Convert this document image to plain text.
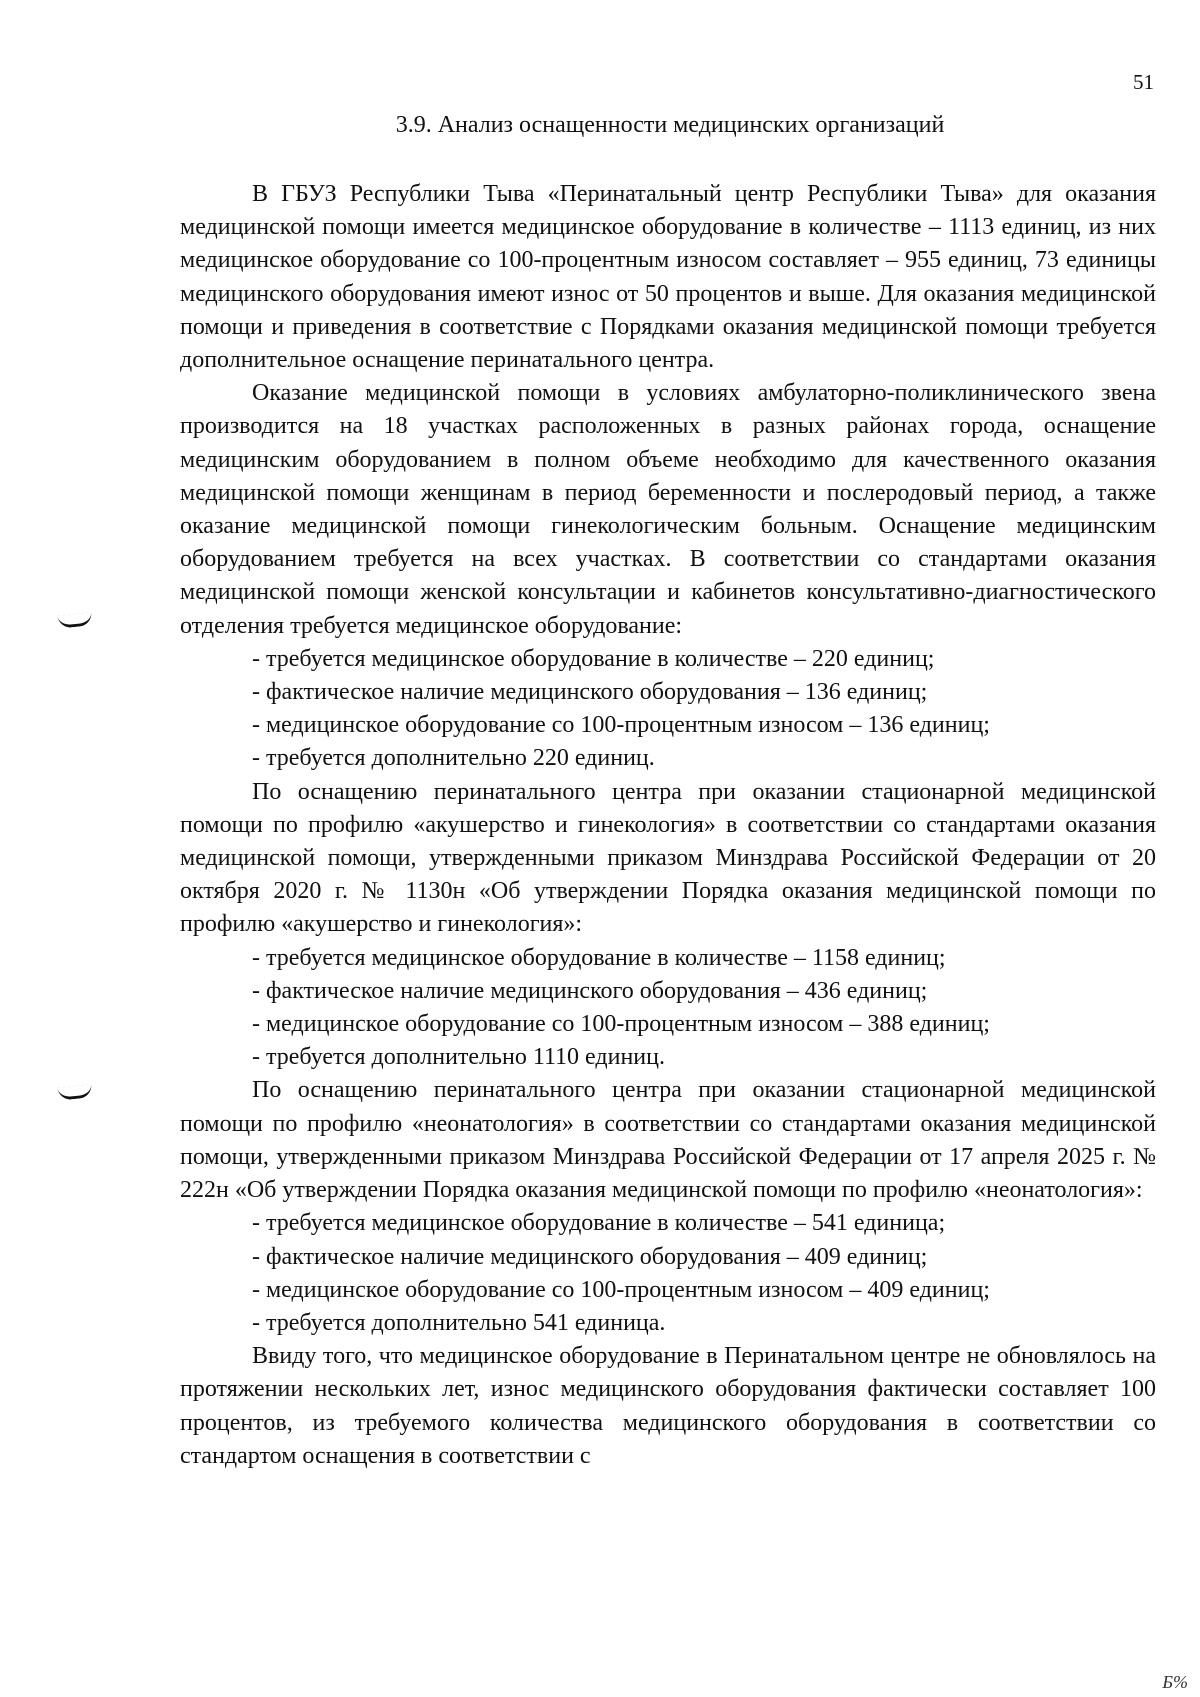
51
3.9. Анализ оснащенности медицинских организаций

В ГБУЗ Республики Тыва «Перинатальный центр Республики Тыва» для оказания медицинской помощи имеется медицинское оборудование в количестве – 1113 единиц, из них медицинское оборудование со 100-процентным износом составляет – 955 единиц, 73 единицы медицинского оборудования имеют износ от 50 процентов и выше. Для оказания медицинской помощи и приведения в соответствие с Порядками оказания медицинской помощи требуется дополнительное оснащение перинатального центра.

Оказание медицинской помощи в условиях амбулаторно-поликлинического звена производится на 18 участках расположенных в разных районах города, оснащение медицинским оборудованием в полном объеме необходимо для качественного оказания медицинской помощи женщинам в период беременности и послеродовый период, а также оказание медицинской помощи гинекологическим больным. Оснащение медицинским оборудованием требуется на всех участках. В соответствии со стандартами оказания медицинской помощи женской консультации и кабинетов консультативно-диагностического отделения требуется медицинское оборудование:

- требуется медицинское оборудование в количестве – 220 единиц;
- фактическое наличие медицинского оборудования – 136 единиц;
- медицинское оборудование со 100-процентным износом – 136 единиц;
- требуется дополнительно 220 единиц.

По оснащению перинатального центра при оказании стационарной медицинской помощи по профилю «акушерство и гинекология» в соответствии со стандартами оказания медицинской помощи, утвержденными приказом Минздрава Российской Федерации от 20 октября 2020 г. № 1130н «Об утверждении Порядка оказания медицинской помощи по профилю «акушерство и гинекология»:

- требуется медицинское оборудование в количестве – 1158 единиц;
- фактическое наличие медицинского оборудования – 436 единиц;
- медицинское оборудование со 100-процентным износом – 388 единиц;
- требуется дополнительно 1110 единиц.

По оснащению перинатального центра при оказании стационарной медицинской помощи по профилю «неонатология» в соответствии со стандартами оказания медицинской помощи, утвержденными приказом Минздрава Российской Федерации от 17 апреля 2025 г. № 222н «Об утверждении Порядка оказания медицинской помощи по профилю «неонатология»:

- требуется медицинское оборудование в количестве – 541 единица;
- фактическое наличие медицинского оборудования – 409 единиц;
- медицинское оборудование со 100-процентным износом – 409 единиц;
- требуется дополнительно 541 единица.

Ввиду того, что медицинское оборудование в Перинатальном центре не обновлялось на протяжении нескольких лет, износ медицинского оборудования фактически составляет 100 процентов, из требуемого количества медицинского оборудования в соответствии со стандартом оснащения в соответствии с

Б%
